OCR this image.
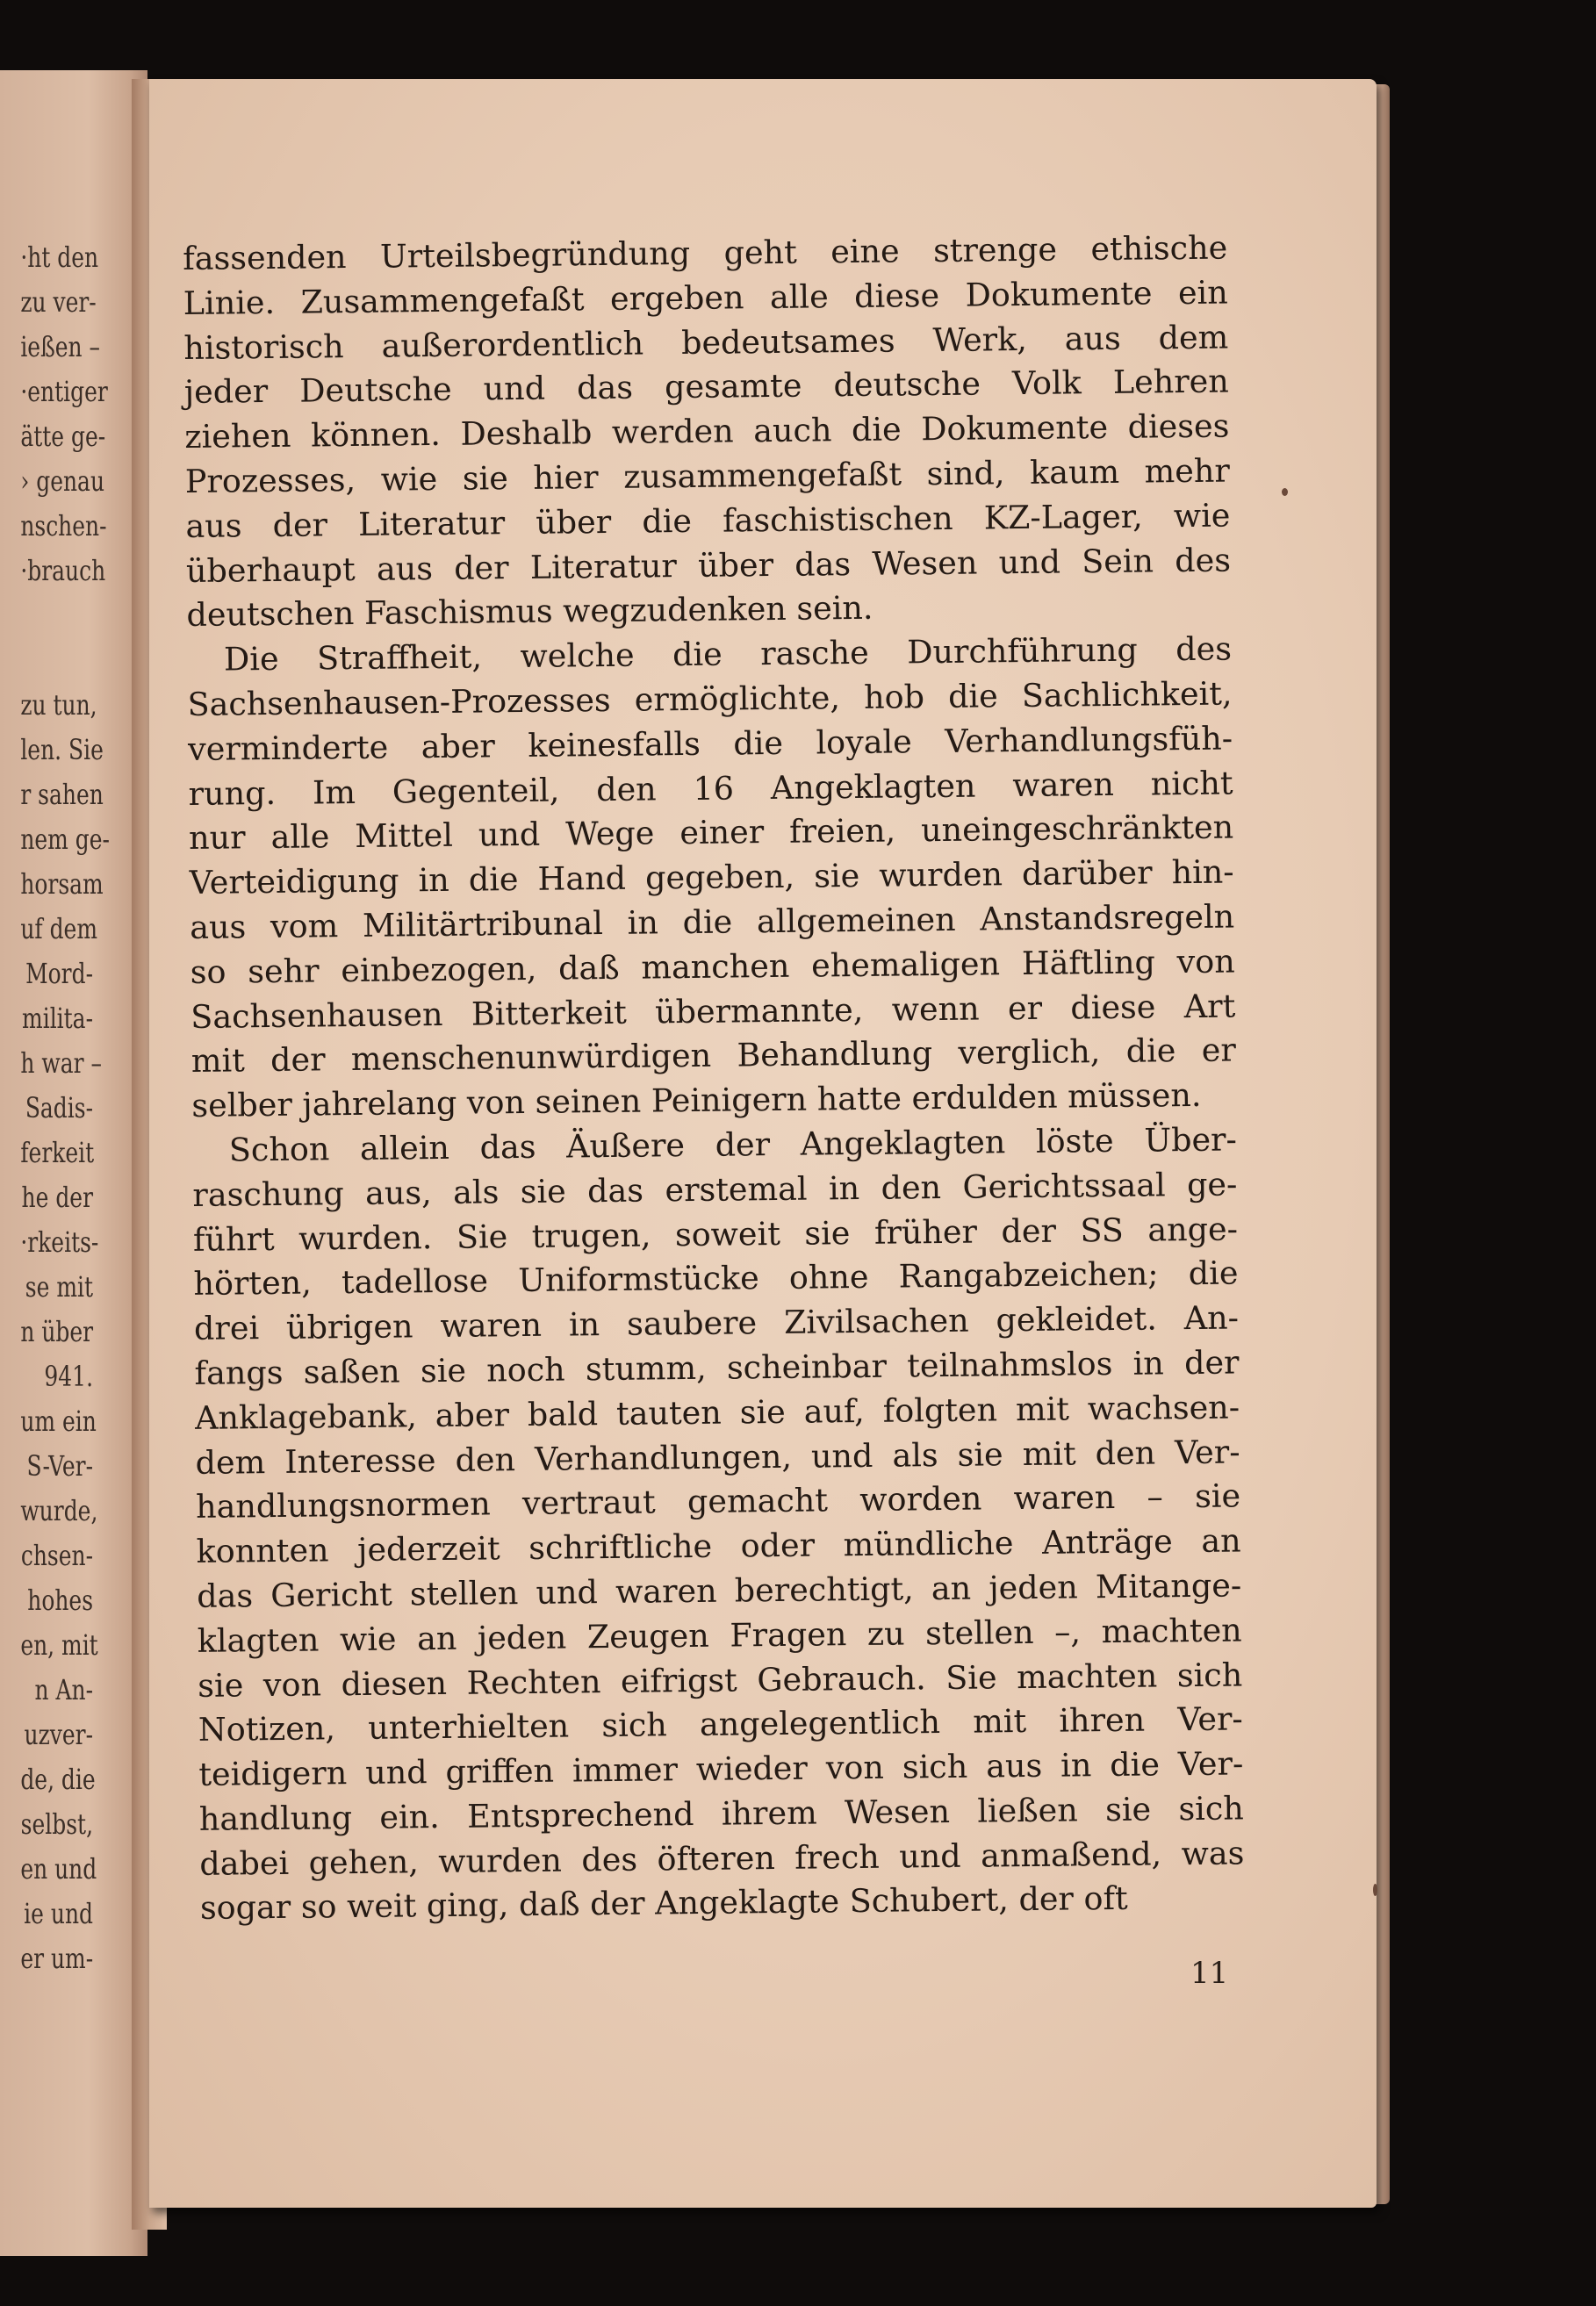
·ht den
zu ver-
ießen –
·entiger
ätte ge-
› genau
nschen-
·brauch
zu tun,
len. Sie
r sahen
nem ge-
horsam
uf dem
Mord-
milita-
h war –
Sadis-
ferkeit
he der
·rkeits-
se mit
n über
941.
um ein
S-Ver-
wurde,
chsen-
hohes
en, mit
n An-
uzver-
de, die
selbst,
en und
ie und
er um-
fassenden Urteilsbegründung geht eine strenge ethische
Linie. Zusammengefaßt ergeben alle diese Dokumente ein
historisch außerordentlich bedeutsames Werk, aus dem
jeder Deutsche und das gesamte deutsche Volk Lehren
ziehen können. Deshalb werden auch die Dokumente dieses
Prozesses, wie sie hier zusammengefaßt sind, kaum mehr
aus der Literatur über die faschistischen KZ-Lager, wie
überhaupt aus der Literatur über das Wesen und Sein des
deutschen Faschismus wegzudenken sein.
Die Straffheit, welche die rasche Durchführung des
Sachsenhausen-Prozesses ermöglichte, hob die Sachlichkeit,
verminderte aber keinesfalls die loyale Verhandlungsfüh-
rung. Im Gegenteil, den 16 Angeklagten waren nicht
nur alle Mittel und Wege einer freien, uneingeschränkten
Verteidigung in die Hand gegeben, sie wurden darüber hin-
aus vom Militärtribunal in die allgemeinen Anstandsregeln
so sehr einbezogen, daß manchen ehemaligen Häftling von
Sachsenhausen Bitterkeit übermannte, wenn er diese Art
mit der menschenunwürdigen Behandlung verglich, die er
selber jahrelang von seinen Peinigern hatte erdulden müssen.
Schon allein das Äußere der Angeklagten löste Über-
raschung aus, als sie das erstemal in den Gerichtssaal ge-
führt wurden. Sie trugen, soweit sie früher der SS ange-
hörten, tadellose Uniformstücke ohne Rangabzeichen; die
drei übrigen waren in saubere Zivilsachen gekleidet. An-
fangs saßen sie noch stumm, scheinbar teilnahmslos in der
Anklagebank, aber bald tauten sie auf, folgten mit wachsen-
dem Interesse den Verhandlungen, und als sie mit den Ver-
handlungsnormen vertraut gemacht worden waren – sie
konnten jederzeit schriftliche oder mündliche Anträge an
das Gericht stellen und waren berechtigt, an jeden Mitange-
klagten wie an jeden Zeugen Fragen zu stellen –, machten
sie von diesen Rechten eifrigst Gebrauch. Sie machten sich
Notizen, unterhielten sich angelegentlich mit ihren Ver-
teidigern und griffen immer wieder von sich aus in die Ver-
handlung ein. Entsprechend ihrem Wesen ließen sie sich
dabei gehen, wurden des öfteren frech und anmaßend, was
sogar so weit ging, daß der Angeklagte Schubert, der oft
11
